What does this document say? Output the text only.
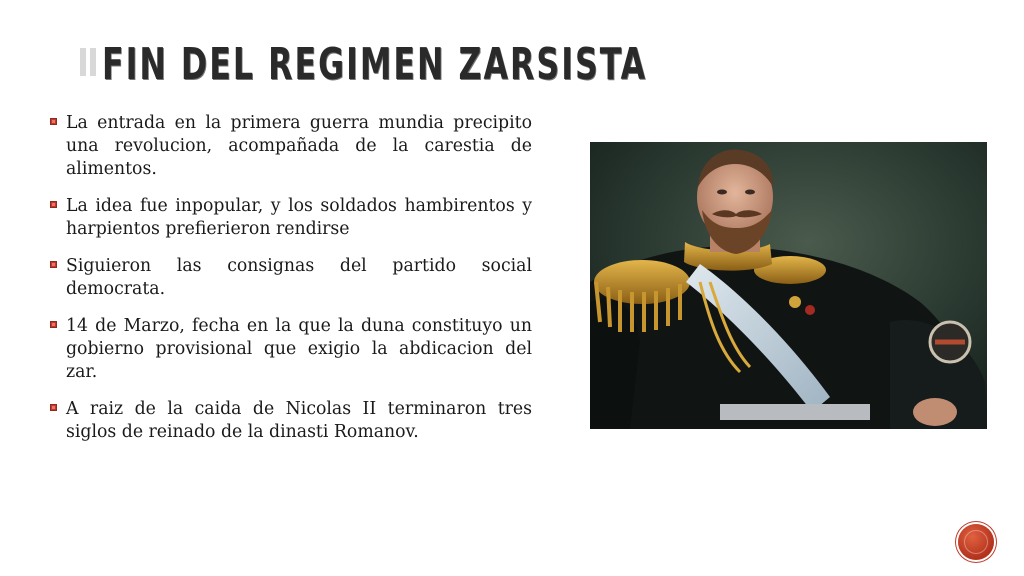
FIN DEL REGIMEN ZARSISTA
La entrada en la primera guerra mundia precipito una revolucion, acompañada de la carestia de alimentos.
La idea fue inpopular, y los soldados hambirentos y harpientos prefierieron rendirse
Siguieron las consignas del partido social democrata.
14 de Marzo, fecha en la que la duna constituyo un gobierno provisional que exigio la abdicacion del zar.
A raiz de la caida de Nicolas II terminaron tres siglos de reinado de la dinasti Romanov.
